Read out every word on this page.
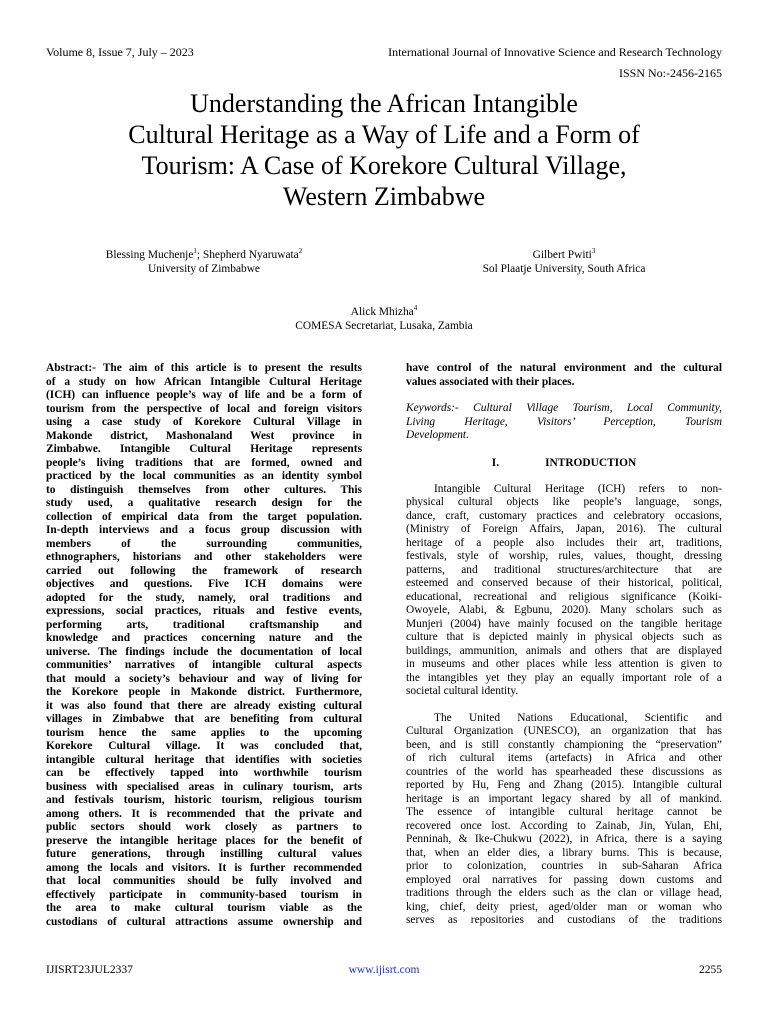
Volume 8, Issue 7, July – 2023	International Journal of Innovative Science and Research Technology
ISSN No:-2456-2165
Understanding the African Intangible
Cultural Heritage as a Way of Life and a Form of
Tourism: A Case of Korekore Cultural Village,
Western Zimbabwe
Blessing Muchenje$^1$; Shepherd Nyaruwata$^2$
University of Zimbabwe
Gilbert Pwiti$^3$
Sol Plaatje University, South Africa
Alick Mhizha$^4$
COMESA Secretariat, Lusaka, Zambia
Abstract:- The aim of this article is to present the results
of a study on how African Intangible Cultural Heritage
(ICH) can influence people’s way of life and be a form of
tourism from the perspective of local and foreign visitors
using a case study of Korekore Cultural Village in
Makonde district, Mashonaland West province in
Zimbabwe. Intangible Cultural Heritage represents
people’s living traditions that are formed, owned and
practiced by the local communities as an identity symbol
to distinguish themselves from other cultures. This
study used, a qualitative research design for the
collection of empirical data from the target population.
In-depth interviews and a focus group discussion with
members of the surrounding communities,
ethnographers, historians and other stakeholders were
carried out following the framework of research
objectives and questions. Five ICH domains were
adopted for the study, namely, oral traditions and
expressions, social practices, rituals and festive events,
performing arts, traditional craftsmanship and
knowledge and practices concerning nature and the
universe. The findings include the documentation of local
communities’ narratives of intangible cultural aspects
that mould a society’s behaviour and way of living for
the Korekore people in Makonde district. Furthermore,
it was also found that there are already existing cultural
villages in Zimbabwe that are benefiting from cultural
tourism hence the same applies to the upcoming
Korekore Cultural village. It was concluded that,
intangible cultural heritage that identifies with societies
can be effectively tapped into worthwhile tourism
business with specialised areas in culinary tourism, arts
and festivals tourism, historic tourism, religious tourism
among others. It is recommended that the private and
public sectors should work closely as partners to
preserve the intangible heritage places for the benefit of
future generations, through instilling cultural values
among the locals and visitors. It is further recommended
that local communities should be fully involved and
effectively participate in community-based tourism in
the area to make cultural tourism viable as the
custodians of cultural attractions assume ownership and
have control of the natural environment and the cultural
values associated with their places.
Keywords:- Cultural Village Tourism, Local Community,
Living Heritage, Visitors’ Perception, Tourism
Development.
I.	INTRODUCTION
Intangible Cultural Heritage (ICH) refers to non-
physical cultural objects like people’s language, songs,
dance, craft, customary practices and celebratory occasions,
(Ministry of Foreign Affairs, Japan, 2016). The cultural
heritage of a people also includes their art, traditions,
festivals, style of worship, rules, values, thought, dressing
patterns, and traditional structures/architecture that are
esteemed and conserved because of their historical, political,
educational, recreational and religious significance (Koiki-
Owoyele, Alabi, & Egbunu, 2020). Many scholars such as
Munjeri (2004) have mainly focused on the tangible heritage
culture that is depicted mainly in physical objects such as
buildings, ammunition, animals and others that are displayed
in museums and other places while less attention is given to
the intangibles yet they play an equally important role of a
societal cultural identity.
The United Nations Educational, Scientific and
Cultural Organization (UNESCO), an organization that has
been, and is still constantly championing the “preservation”
of rich cultural items (artefacts) in Africa and other
countries of the world has spearheaded these discussions as
reported by Hu, Feng and Zhang (2015). Intangible cultural
heritage is an important legacy shared by all of mankind.
The essence of intangible cultural heritage cannot be
recovered once lost. According to Zainab, Jin, Yulan, Ehi,
Penninah, & Ike-Chukwu (2022), in Africa, there is a saying
that, when an elder dies, a library burns. This is because,
prior to colonization, countries in sub-Saharan Africa
employed oral narratives for passing down customs and
traditions through the elders such as the clan or village head,
king, chief, deity priest, aged/older man or woman who
serves as repositories and custodians of the traditions
IJISRT23JUL2337	www.ijisrt.com	2255
